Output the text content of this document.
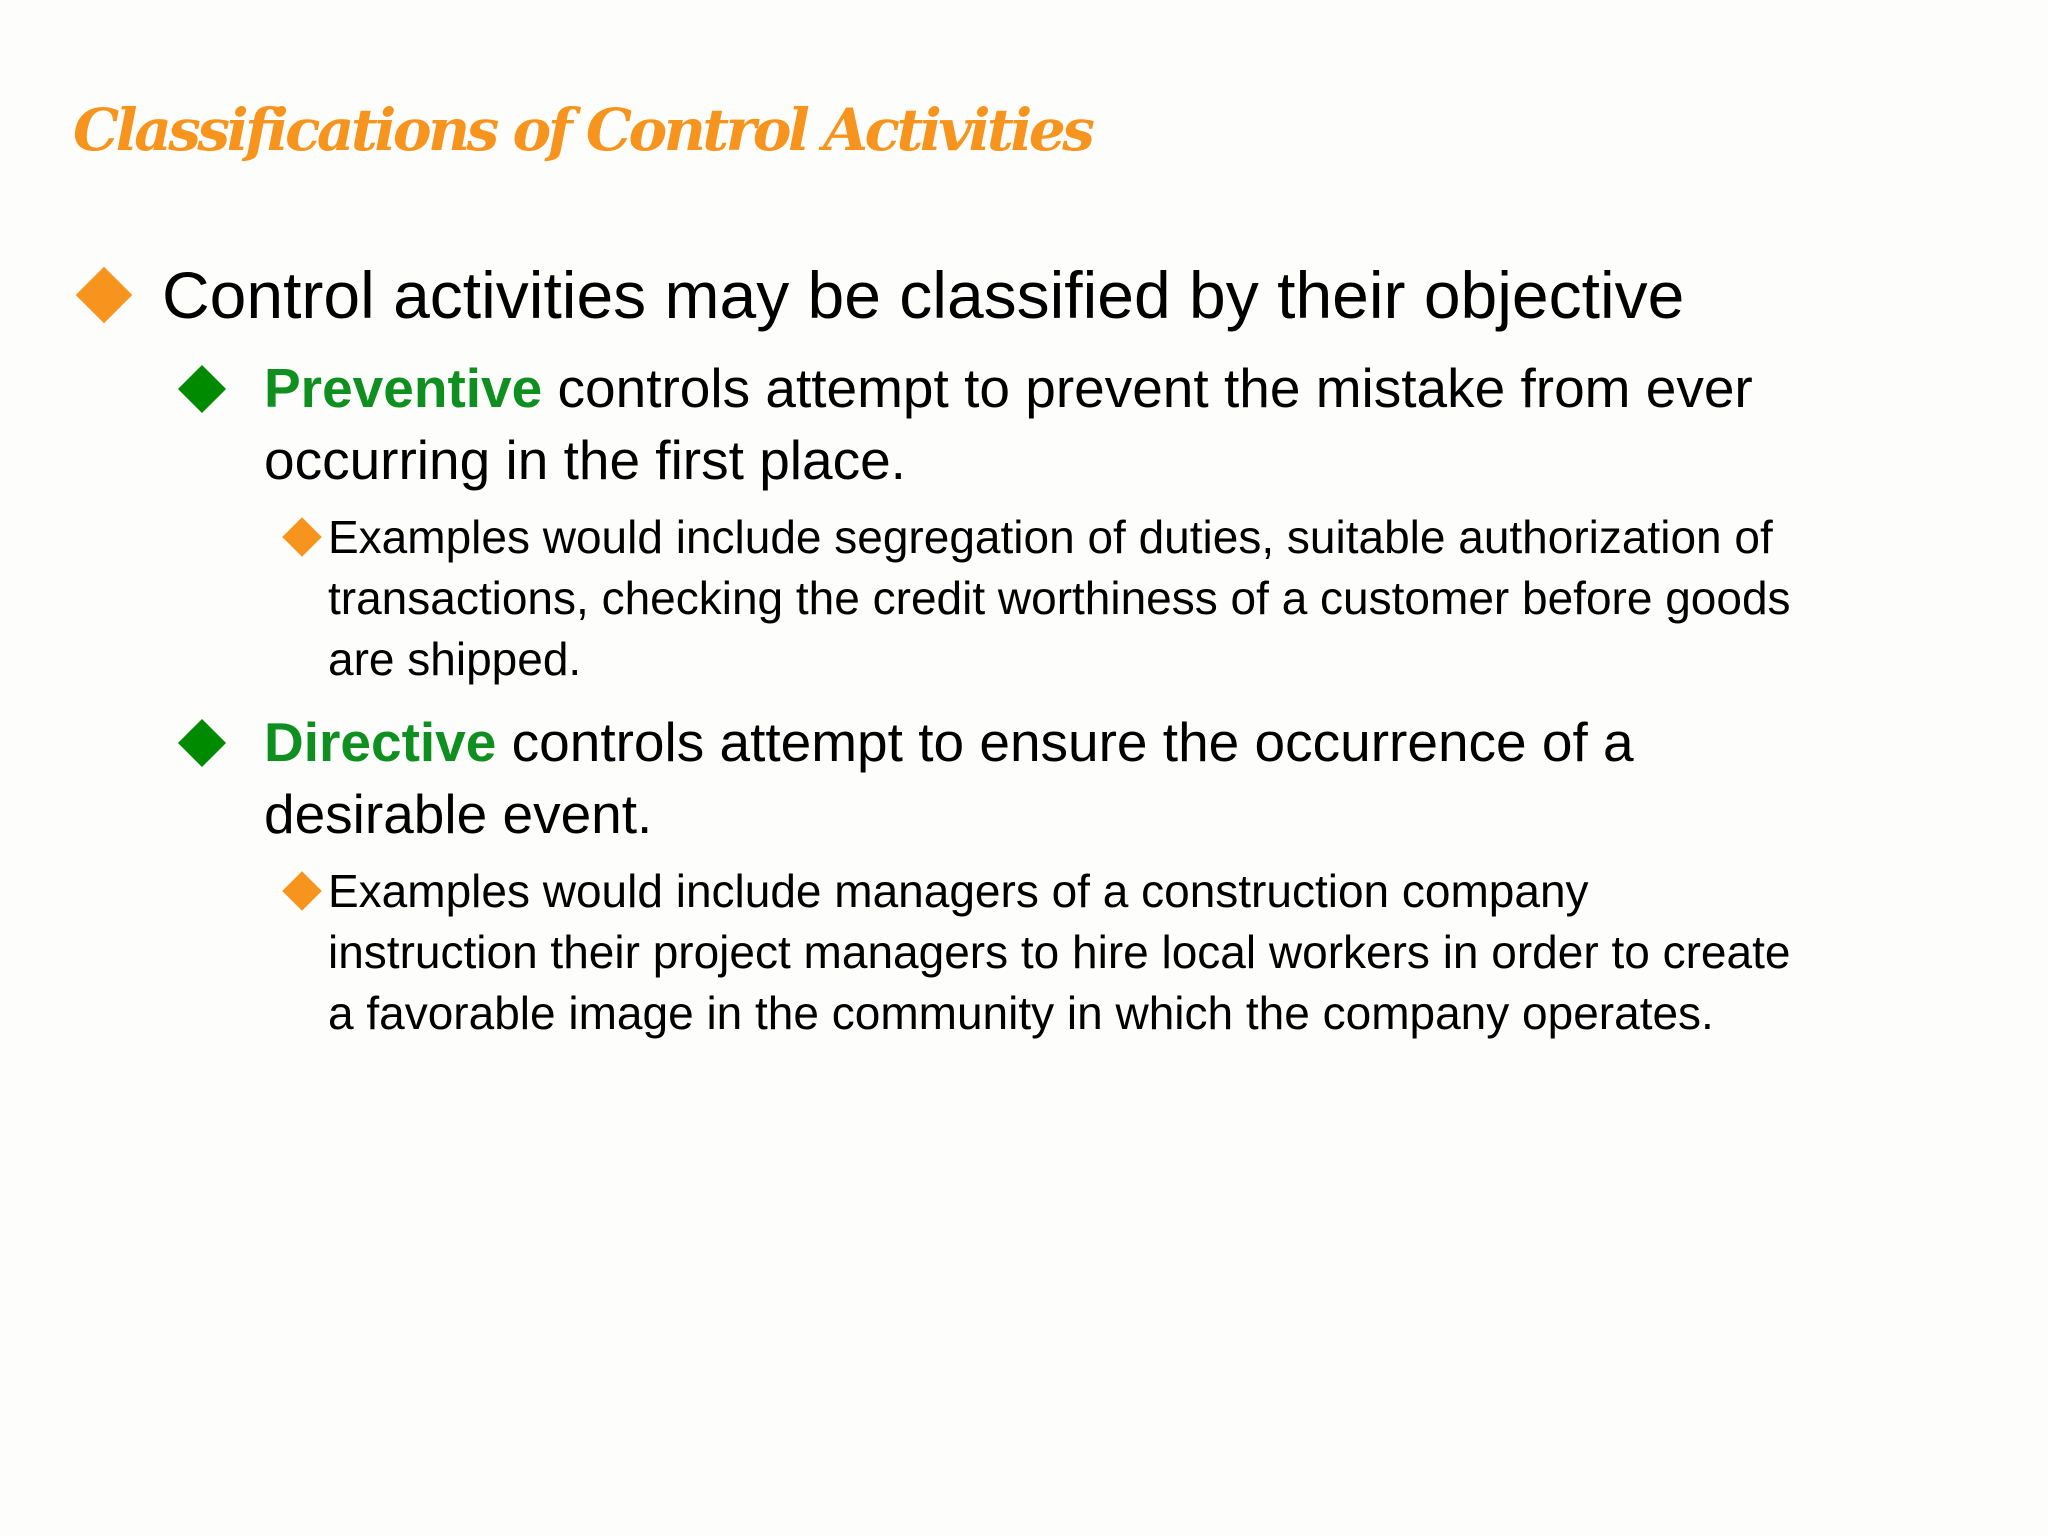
Classifications of Control Activities

Control activities may be classified by their objective

Preventive controls attempt to prevent the mistake from ever

occurring in the first place.

Examples would include segregation of duties, suitable authorization of

transactions, checking the credit worthiness of a customer before goods

are shipped.

Directive controls attempt to ensure the occurrence of a

desirable event.

Examples would include managers of a construction company

instruction their project managers to hire local workers in order to create

a favorable image in the community in which the company operates.
